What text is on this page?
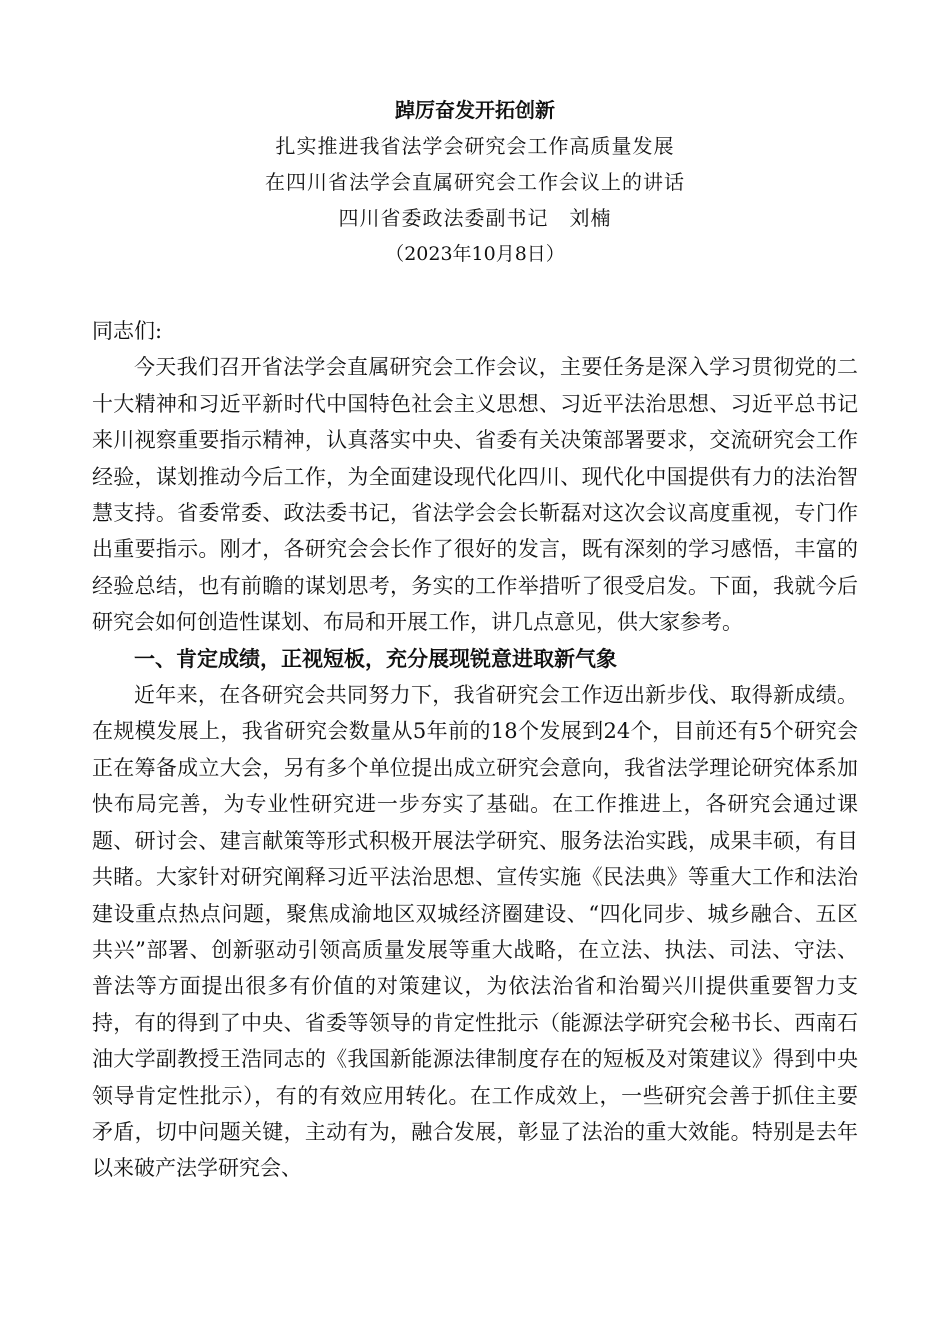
踔厉奋发开拓创新
扎实推进我省法学会研究会工作高质量发展
在四川省法学会直属研究会工作会议上的讲话
四川省委政法委副书记　刘楠
（2023年10月8日）

同志们:

今天我们召开省法学会直属研究会工作会议，主要任务是深入学习贯彻党的二十大精神和习近平新时代中国特色社会主义思想、习近平法治思想、习近平总书记来川视察重要指示精神，认真落实中央、省委有关决策部署要求，交流研究会工作经验，谋划推动今后工作，为全面建设现代化四川、现代化中国提供有力的法治智慧支持。省委常委、政法委书记，省法学会会长靳磊对这次会议高度重视，专门作出重要指示。刚才，各研究会会长作了很好的发言，既有深刻的学习感悟，丰富的经验总结，也有前瞻的谋划思考，务实的工作举措听了很受启发。下面，我就今后研究会如何创造性谋划、布局和开展工作，讲几点意见，供大家参考。

一、肯定成绩，正视短板，充分展现锐意进取新气象

近年来，在各研究会共同努力下，我省研究会工作迈出新步伐、取得新成绩。在规模发展上，我省研究会数量从5年前的18个发展到24个，目前还有5个研究会正在筹备成立大会，另有多个单位提出成立研究会意向，我省法学理论研究体系加快布局完善，为专业性研究进一步夯实了基础。在工作推进上，各研究会通过课题、研讨会、建言献策等形式积极开展法学研究、服务法治实践，成果丰硕，有目共睹。大家针对研究阐释习近平法治思想、宣传实施《民法典》等重大工作和法治建设重点热点问题，聚焦成渝地区双城经济圈建设、“四化同步、城乡融合、五区共兴”部署、创新驱动引领高质量发展等重大战略，在立法、执法、司法、守法、普法等方面提出很多有价值的对策建议，为依法治省和治蜀兴川提供重要智力支持，有的得到了中央、省委等领导的肯定性批示（能源法学研究会秘书长、西南石油大学副教授王浩同志的《我国新能源法律制度存在的短板及对策建议》得到中央领导肯定性批示），有的有效应用转化。在工作成效上，一些研究会善于抓住主要矛盾，切中问题关键，主动有为，融合发展，彰显了法治的重大效能。特别是去年以来破产法学研究会、
